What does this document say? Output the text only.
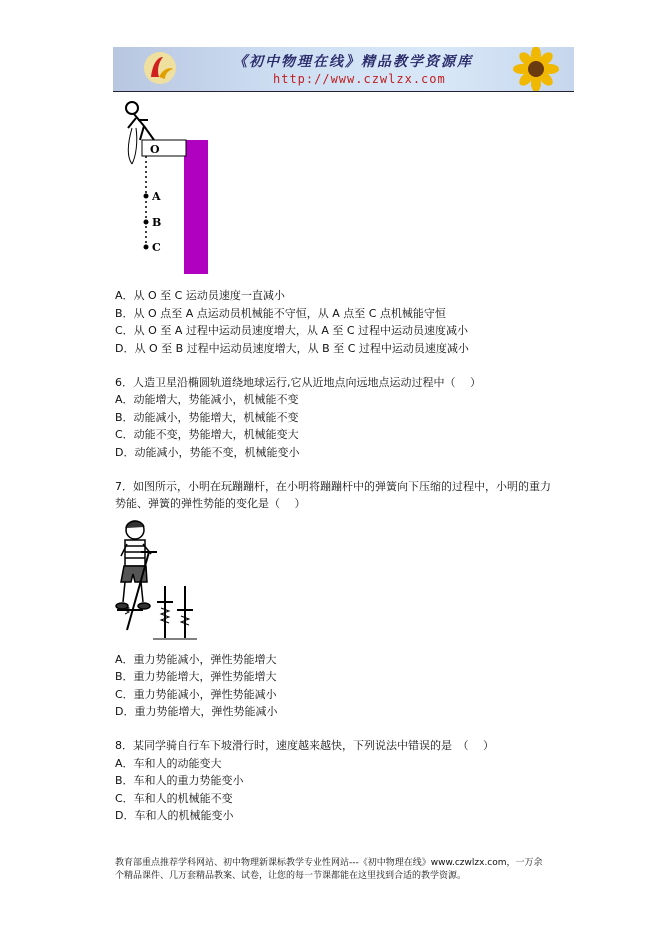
《初中物理在线》精品教学资源库
http://www.czwlzx.com
O
A
B
C
A．从 O 至 C 运动员速度一直减小
B．从 O 点至 A 点运动员机械能不守恒，从 A 点至 C 点机械能守恒
C．从 O 至 A 过程中运动员速度增大，从 A 至 C 过程中运动员速度减小
D．从 O 至 B 过程中运动员速度增大，从 B 至 C 过程中运动员速度减小
6．人造卫星沿椭圆轨道绕地球运行,它从近地点向远地点运动过程中（　 ）
A．动能增大，势能减小，机械能不变
B．动能减小，势能增大，机械能不变
C．动能不变，势能增大，机械能变大
D．动能减小，势能不变，机械能变小
7．如图所示，小明在玩蹦蹦杆，在小明将蹦蹦杆中的弹簧向下压缩的过程中，小明的重力
势能、弹簧的弹性势能的变化是（　 ）
A．重力势能减小，弹性势能增大
B．重力势能增大，弹性势能增大
C．重力势能减小，弹性势能减小
D．重力势能增大，弹性势能减小
8．某同学骑自行车下坡滑行时，速度越来越快，下列说法中错误的是　（　 ）
A．车和人的动能变大
B．车和人的重力势能变小
C．车和人的机械能不变
D．车和人的机械能变小
教育部重点推荐学科网站、初中物理新课标教学专业性网站---《初中物理在线》www.czwlzx.com，一万余
个精品课件、几万套精品教案、试卷，让您的每一节课都能在这里找到合适的教学资源。
